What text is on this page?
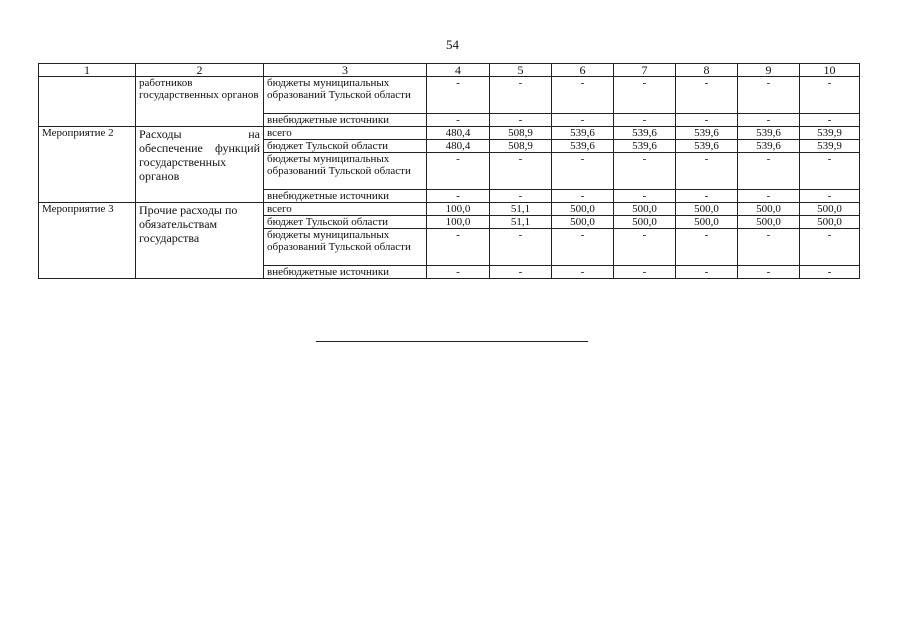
54
1	2	3	4	5	6	7	8	9	10
	работников государственных органов	бюджеты муниципальных образований Тульской области	-	-	-	-	-	-	-
		внебюджетные источники	-	-	-	-	-	-	-
Мероприятие 2	Расходы на обеспечение функций государственных органов	всего	480,4	508,9	539,6	539,6	539,6	539,6	539,9
		бюджет Тульской области	480,4	508,9	539,6	539,6	539,6	539,6	539,9
		бюджеты муниципальных образований Тульской области	-	-	-	-	-	-	-
		внебюджетные источники	-	-	-	-	-	-	-
Мероприятие 3	Прочие расходы по обязательствам государства	всего	100,0	51,1	500,0	500,0	500,0	500,0	500,0
		бюджет Тульской области	100,0	51,1	500,0	500,0	500,0	500,0	500,0
		бюджеты муниципальных образований Тульской области	-	-	-	-	-	-	-
		внебюджетные источники	-	-	-	-	-	-	-
